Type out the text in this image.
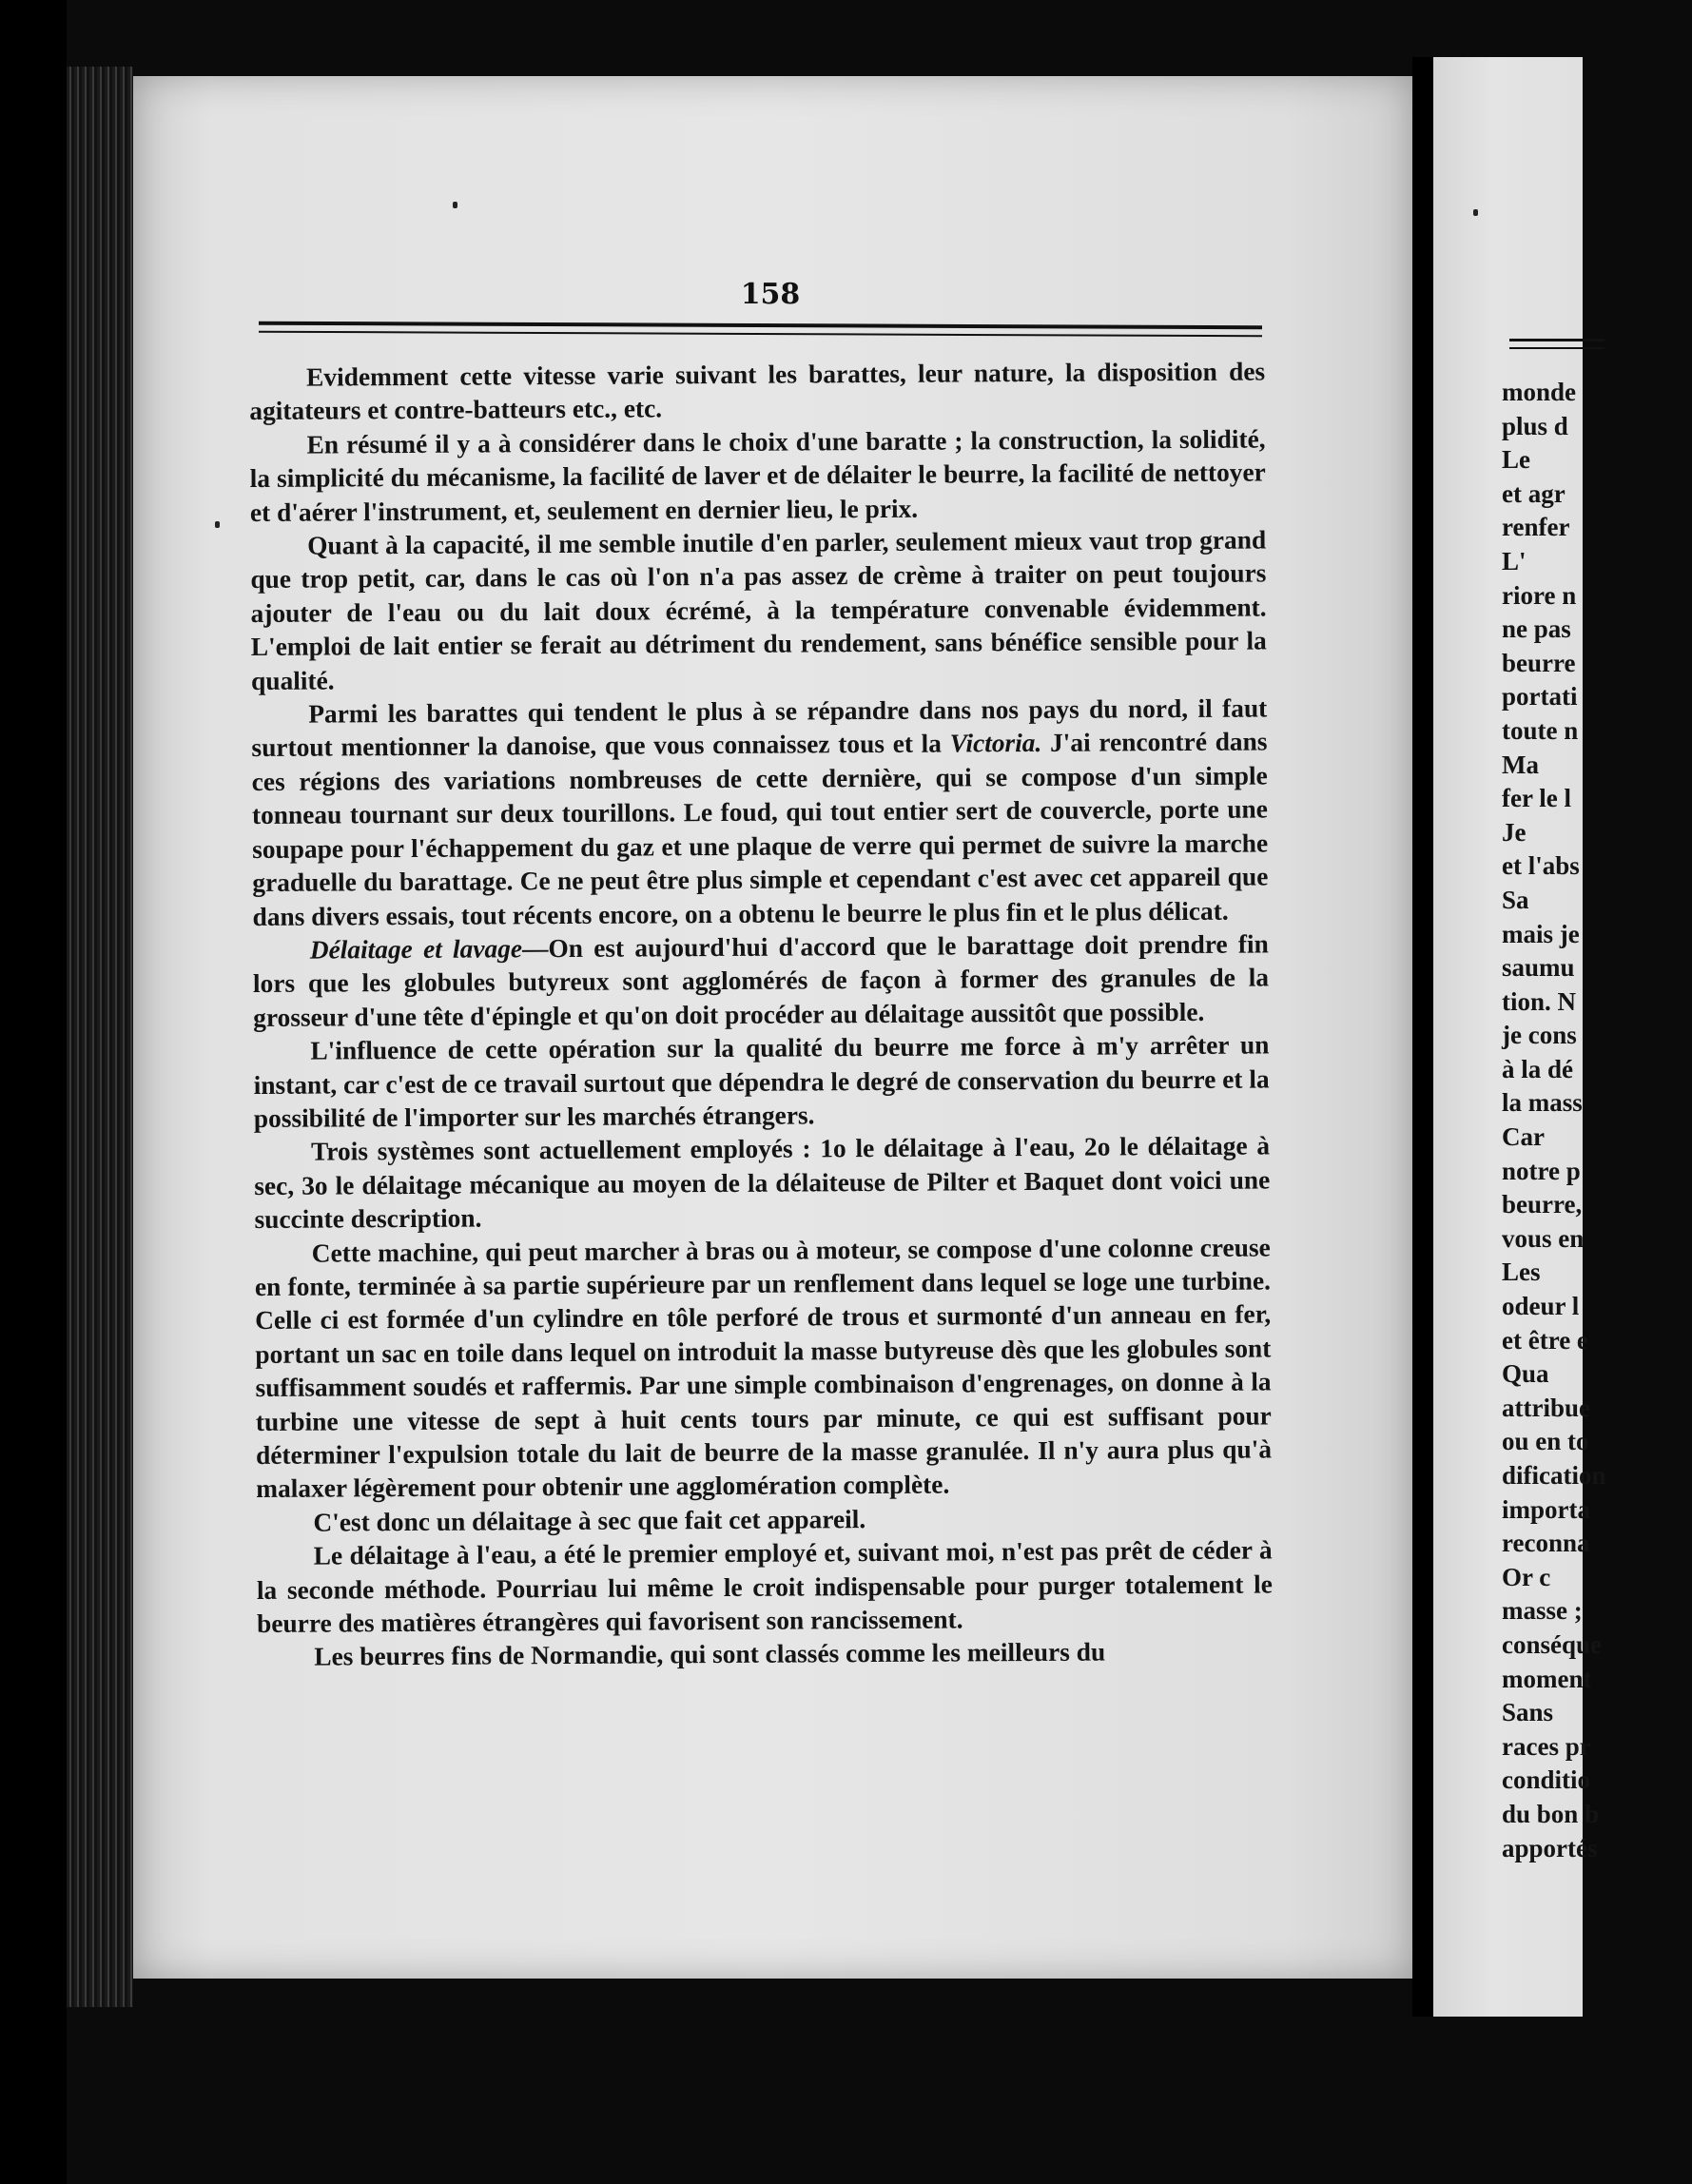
158

Evidemment cette vitesse varie suivant les barattes, leur nature, la disposition des agitateurs et contre-batteurs etc., etc.

En résumé il y a à considérer dans le choix d'une baratte ; la construction, la solidité, la simplicité du mécanisme, la facilité de laver et de délaiter le beurre, la facilité de nettoyer et d'aérer l'instrument, et, seulement en dernier lieu, le prix.

Quant à la capacité, il me semble inutile d'en parler, seulement mieux vaut trop grand que trop petit, car, dans le cas où l'on n'a pas assez de crème à traiter on peut toujours ajouter de l'eau ou du lait doux écrémé, à la température convenable évidemment. L'emploi de lait entier se ferait au détriment du rendement, sans bénéfice sensible pour la qualité.

Parmi les barattes qui tendent le plus à se répandre dans nos pays du nord, il faut surtout mentionner la danoise, que vous connaissez tous et la Victoria. J'ai rencontré dans ces régions des variations nombreuses de cette dernière, qui se compose d'un simple tonneau tournant sur deux tourillons. Le foud, qui tout entier sert de couvercle, porte une soupape pour l'échappement du gaz et une plaque de verre qui permet de suivre la marche graduelle du barattage. Ce ne peut être plus simple et cependant c'est avec cet appareil que dans divers essais, tout récents encore, on a obtenu le beurre le plus fin et le plus délicat.

Délaitage et lavage—On est aujourd'hui d'accord que le barattage doit prendre fin lors que les globules butyreux sont agglomérés de façon à former des granules de la grosseur d'une tête d'épingle et qu'on doit procéder au délaitage aussitôt que possible.

L'influence de cette opération sur la qualité du beurre me force à m'y arrêter un instant, car c'est de ce travail surtout que dépendra le degré de conservation du beurre et la possibilité de l'importer sur les marchés étrangers.

Trois systèmes sont actuellement employés : 1o le délaitage à l'eau, 2o le délaitage à sec, 3o le délaitage mécanique au moyen de la délaiteuse de Pilter et Baquet dont voici une succinte description.

Cette machine, qui peut marcher à bras ou à moteur, se compose d'une colonne creuse en fonte, terminée à sa partie supérieure par un renflement dans lequel se loge une turbine. Celle ci est formée d'un cylindre en tôle perforé de trous et surmonté d'un anneau en fer, portant un sac en toile dans lequel on introduit la masse butyreuse dès que les globules sont suffisamment soudés et raffermis. Par une simple combinaison d'engrenages, on donne à la turbine une vitesse de sept à huit cents tours par minute, ce qui est suffisant pour déterminer l'expulsion totale du lait de beurre de la masse granulée. Il n'y aura plus qu'à malaxer légèrement pour obtenir une agglomération complète.

C'est donc un délaitage à sec que fait cet appareil.

Le délaitage à l'eau, a été le premier employé et, suivant moi, n'est pas prêt de céder à la seconde méthode. Pourriau lui même le croit indispensable pour purger totalement le beurre des matières étrangères qui favorisent son rancissement.

Les beurres fins de Normandie, qui sont classés comme les meilleurs du

monde
plus d
Le
et agr
renfer
L'
riore n
ne pas
beurre
portati
toute n
Ma
fer le l
Je
et l'abs
Sa
mais je
saumu
tion. N
je cons
à la dé
la mass
Car
notre p
beurre,
vous en
Les
odeur l
et être e
Qua
attribue
ou en to
dification
importa
reconna
Or c
masse ;
conséque
moment
Sans
races pr
conditio
du bon b
apportés
